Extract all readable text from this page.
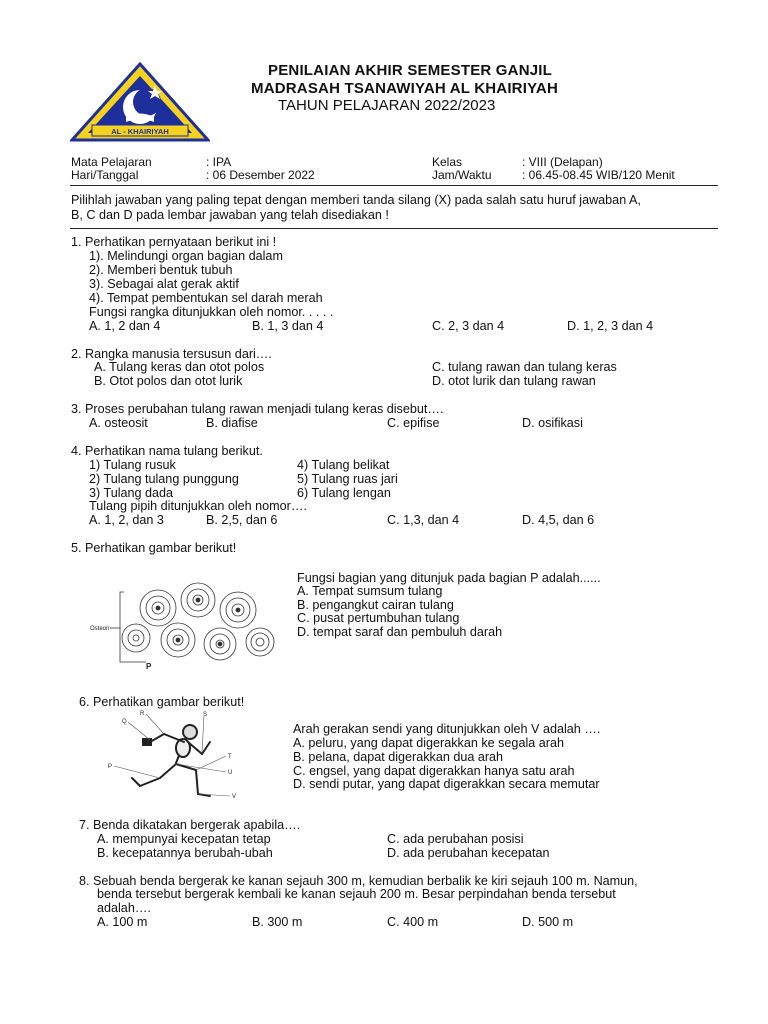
AL - KHAIRIYAH
PENILAIAN AKHIR SEMESTER GANJIL
MADRASAH TSANAWIYAH AL KHAIRIYAH
TAHUN PELAJARAN 2022/2023
Mata Pelajaran	: IPA
Hari/Tanggal	: 06 Desember 2022
Kelas	: VIII (Delapan)
Jam/Waktu	: 06.45-08.45 WIB/120 Menit
Pilihlah jawaban yang paling tepat dengan memberi tanda silang (X) pada salah satu huruf jawaban A,
B, C dan D pada lembar jawaban yang telah disediakan !
1. Perhatikan pernyataan berikut ini !
1). Melindungi organ bagian dalam
2). Memberi bentuk tubuh
3). Sebagai alat gerak aktif
4). Tempat pembentukan sel darah merah
Fungsi rangka ditunjukkan oleh nomor. . . . .
A. 1, 2 dan 4	B. 1, 3 dan 4	C. 2, 3 dan 4	D. 1, 2, 3 dan 4
2. Rangka manusia tersusun dari….
A. Tulang keras dan otot polos
B. Otot polos dan otot lurik
C. tulang rawan dan tulang keras
D. otot lurik dan tulang rawan
3. Proses perubahan tulang rawan menjadi tulang keras disebut….
A. osteosit	B. diafise	C. epifise	D. osifikasi
4. Perhatikan nama tulang berikut.
1) Tulang rusuk
2) Tulang tulang punggung
3) Tulang dada
4) Tulang belikat
5) Tulang ruas jari
6) Tulang lengan
Tulang pipih ditunjukkan oleh nomor….
A. 1, 2, dan 3	B. 2,5, dan 6	C. 1,3, dan 4	D. 4,5, dan 6
5. Perhatikan gambar berikut!
Osteon
P
Fungsi bagian yang ditunjuk pada bagian P adalah......
A. Tempat sumsum tulang
B. pengangkut cairan tulang
C. pusat pertumbuhan tulang
D. tempat saraf dan pembuluh darah
6. Perhatikan gambar berikut!
R	S
Q
T
U
P
V
Arah gerakan sendi yang ditunjukkan oleh V adalah ….
A. peluru, yang dapat digerakkan ke segala arah
B. pelana, dapat digerakkan dua arah
C. engsel, yang dapat digerakkan hanya satu arah
D. sendi putar, yang dapat digerakkan secara memutar
7. Benda dikatakan bergerak apabila….
A. mempunyai kecepatan tetap
B. kecepatannya berubah-ubah
C. ada perubahan posisi
D. ada perubahan kecepatan
8. Sebuah benda bergerak ke kanan sejauh 300 m, kemudian berbalik ke kiri sejauh 100 m. Namun,
benda tersebut bergerak kembali ke kanan sejauh 200 m. Besar perpindahan benda tersebut
adalah….
A. 100 m	B. 300 m	C. 400 m	D. 500 m
